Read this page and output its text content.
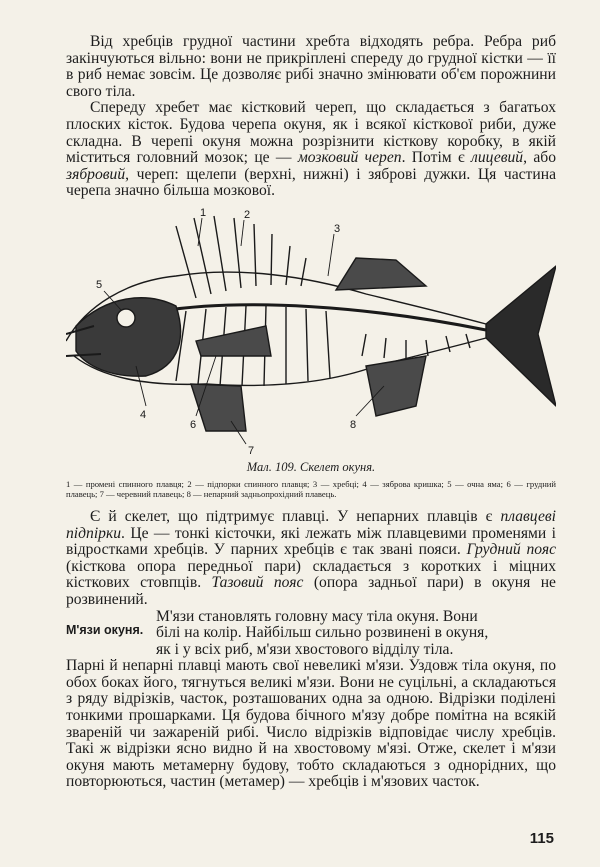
Від хребців грудної частини хребта відходять ребра. Ребра риб закінчуються вільно: вони не прикріплені спереду до грудної кістки — її в риб немає зовсім. Це дозволяє рибі значно змінювати об'єм порожнини свого тіла.

Спереду хребет має кістковий череп, що складається з багатьох плоских кісток. Будова черепа окуня, як і всякої кісткової риби, дуже складна. В черепі окуня можна розрізнити кісткову коробку, в якій міститься головний мозок; це — мозковий череп. Потім є лицевий, або зябровий, череп: щелепи (верхні, нижні) і зяброві дужки. Ця частина черепа значно більша мозкової.

1	2
3
4
5
6
7
8
Мал. 109. Скелет окуня.
1 — промені спинного плавця; 2 — підпорки спинного плавця; 3 — хребці; 4 — зяброва кришка; 5 — очна яма; 6 — грудний плавець; 7 — черевний плавець; 8 — непарний задньопрохідний плавець.

Є й скелет, що підтримує плавці. У непарних плавців є плавцеві підпірки. Це — тонкі кісточки, які лежать між плавцевими променями і відростками хребців. У парних хребців є так звані пояси. Грудний пояс (кісткова опора передньої пари) складається з коротких і міцних кісткових стовпців. Тазовий пояс (опора задньої пари) в окуня не розвинений.

М'язи окуня.

М'язи становлять головну масу тіла окуня. Вони

білі на колір. Найбільш сильно розвинені в окуня,

як і у всіх риб, м'язи хвостового відділу тіла.

Парні й непарні плавці мають свої невеликі м'язи. Уздовж тіла окуня, по обох боках його, тягнуться великі м'язи. Вони не суцільні, а складаються з ряду відрізків, часток, розташованих одна за одною. Відрізки поділені тонкими прошарками. Ця будова бічного м'язу добре помітна на всякій звареній чи зажареній рибі. Число відрізків відповідає числу хребців. Такі ж відрізки ясно видно й на хвостовому м'язі. Отже, скелет і м'язи окуня мають метамерну будову, тобто складаються з однорідних, що повторюються, частин (метамер) — хребців і м'язових часток.

115
